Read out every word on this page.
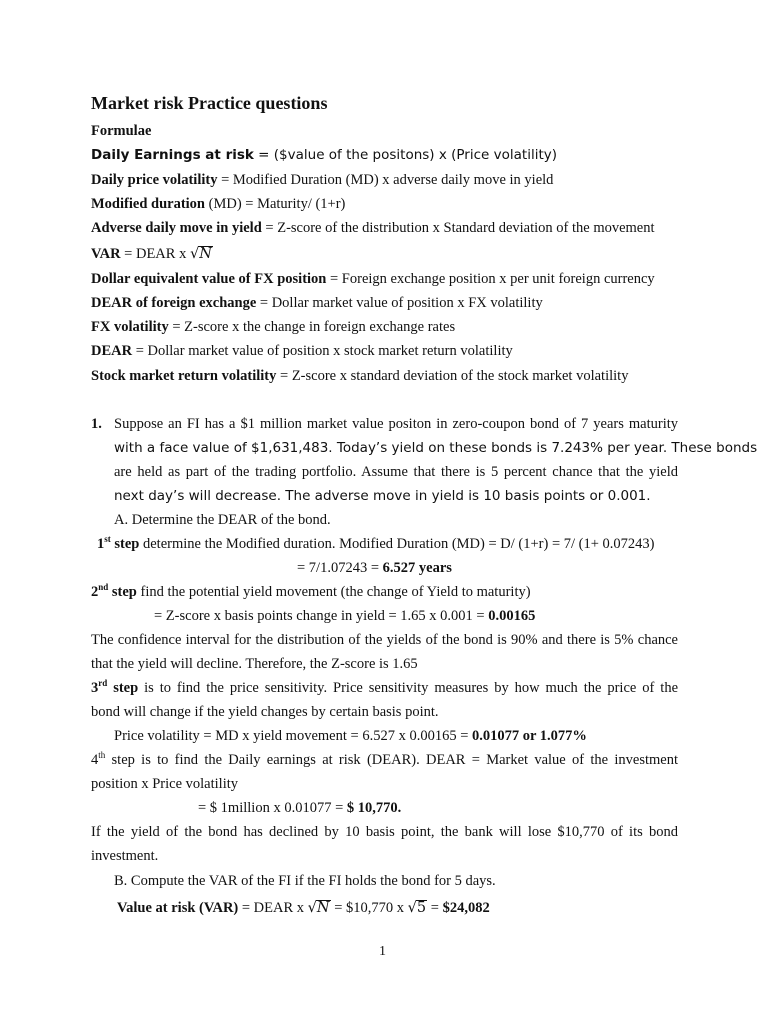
Market risk Practice questions
Formulae
Daily Earnings at risk = ($value of the positons) x (Price volatility)
Daily price volatility = Modified Duration (MD) x adverse daily move in yield
Modified duration (MD) = Maturity/ (1+r)
Adverse daily move in yield = Z-score of the distribution x Standard deviation of the movement
VAR = DEAR x √N
Dollar equivalent value of FX position = Foreign exchange position x per unit foreign currency
DEAR of foreign exchange = Dollar market value of position x FX volatility
FX volatility = Z-score x the change in foreign exchange rates
DEAR = Dollar market value of position x stock market return volatility
Stock market return volatility = Z-score x standard deviation of the stock market volatility
1. Suppose an FI has a $1 million market value positon in zero-coupon bond of 7 years maturity
with a face value of $1,631,483. Today’s yield on these bonds is 7.243% per year. These bonds
are held as part of the trading portfolio. Assume that there is 5 percent chance that the yield
next day’s will decrease. The adverse move in yield is 10 basis points or 0.001.
A. Determine the DEAR of the bond.
1st step determine the Modified duration. Modified Duration (MD) = D/ (1+r) = 7/ (1+ 0.07243)
= 7/1.07243 = 6.527 years
2nd step find the potential yield movement (the change of Yield to maturity)
= Z-score x basis points change in yield = 1.65 x 0.001 = 0.00165
The confidence interval for the distribution of the yields of the bond is 90% and there is 5% chance
that the yield will decline. Therefore, the Z-score is 1.65
3rd step is to find the price sensitivity. Price sensitivity measures by how much the price of the
bond will change if the yield changes by certain basis point.
Price volatility = MD x yield movement = 6.527 x 0.00165 = 0.01077 or 1.077%
4th step is to find the Daily earnings at risk (DEAR). DEAR = Market value of the investment
position x Price volatility
= $ 1million x 0.01077 = $ 10,770.
If the yield of the bond has declined by 10 basis point, the bank will lose $10,770 of its bond
investment.
B. Compute the VAR of the FI if the FI holds the bond for 5 days.
Value at risk (VAR) = DEAR x √N = $10,770 x √5 = $24,082
1
